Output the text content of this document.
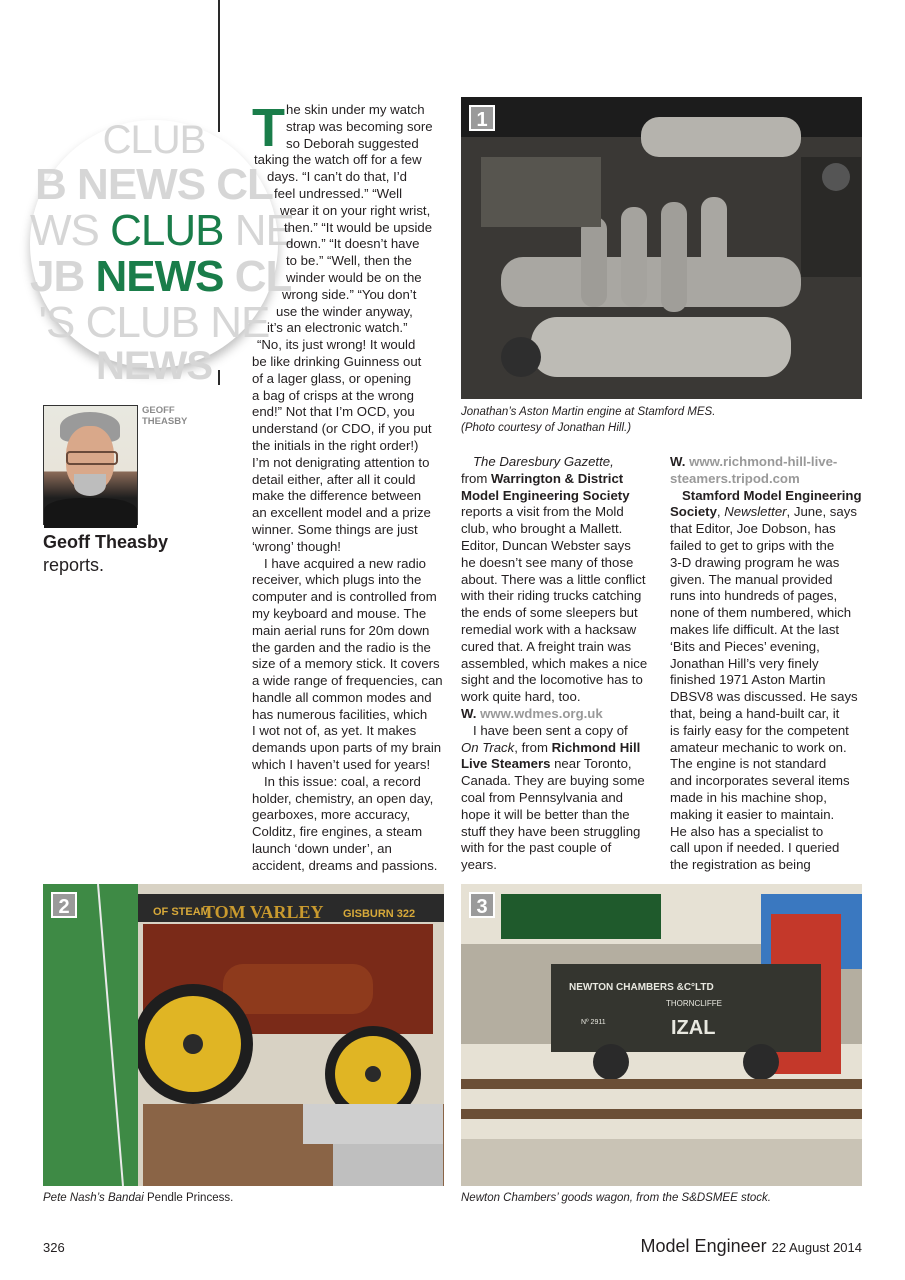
CLUB
B NEWS CL
WS CLUB NE
JB NEWS CL
'S CLUB NE
NEWS
GEOFF
THEASBY
Geoff Theasby
reports.
T he skin under my watch
strap was becoming sore
so Deborah suggested
taking the watch off for a few
days. “I can’t do that, I’d
feel undressed.” “Well
wear it on your right wrist,
then.” “It would be upside
down.” “It doesn’t have
to be.” “Well, then the
winder would be on the
wrong side.” “You don’t
use the winder anyway,
it’s an electronic watch.”
“No, its just wrong! It would
be like drinking Guinness out
of a lager glass, or opening
a bag of crisps at the wrong
end!” Not that I’m OCD, you
understand (or CDO, if you put
the initials in the right order!)
I’m not denigrating attention to
detail either, after all it could
make the difference between
an excellent model and a prize
winner. Some things are just
‘wrong’ though!
I have acquired a new radio
receiver, which plugs into the
computer and is controlled from
my keyboard and mouse. The
main aerial runs for 20m down
the garden and the radio is the
size of a memory stick. It covers
a wide range of frequencies, can
handle all common modes and
has numerous facilities, which
I wot not of, as yet. It makes
demands upon parts of my brain
which I haven’t used for years!
In this issue: coal, a record
holder, chemistry, an open day,
gearboxes, more accuracy,
Colditz, fire engines, a steam
launch ‘down under’, an
accident, dreams and passions.
1
Jonathan’s Aston Martin engine at Stamford MES.
(Photo courtesy of Jonathan Hill.)
The Daresbury Gazette,
from Warrington & District
Model Engineering Society
reports a visit from the Mold
club, who brought a Mallett.
Editor, Duncan Webster says
he doesn’t see many of those
about. There was a little conflict
with their riding trucks catching
the ends of some sleepers but
remedial work with a hacksaw
cured that. A freight train was
assembled, which makes a nice
sight and the locomotive has to
work quite hard, too.
W. www.wdmes.org.uk
I have been sent a copy of
On Track, from Richmond Hill
Live Steamers near Toronto,
Canada. They are buying some
coal from Pennsylvania and
hope it will be better than the
stuff they have been struggling
with for the past couple of
years.
W. www.richmond-hill-live-
steamers.tripod.com
Stamford Model Engineering
Society, Newsletter, June, says
that Editor, Joe Dobson, has
failed to get to grips with the
3-D drawing program he was
given. The manual provided
runs into hundreds of pages,
none of them numbered, which
makes life difficult. At the last
‘Bits and Pieces’ evening,
Jonathan Hill’s very finely
finished 1971 Aston Martin
DBSV8 was discussed. He says
that, being a hand-built car, it
is fairly easy for the competent
amateur mechanic to work on.
The engine is not standard
and incorporates several items
made in his machine shop,
making it easier to maintain.
He also has a specialist to
call upon if needed. I queried
the registration as being
OF STEAM
TOM VARLEY GISBURN 322
2
Pete Nash’s Bandai Pendle Princess.
NEWTON CHAMBERS &C°LTD
THORNCLIFFE
IZAL
Nº 2911
3
Newton Chambers’ goods wagon, from the S&DSMEE stock.
326	Model Engineer 22 August 2014
